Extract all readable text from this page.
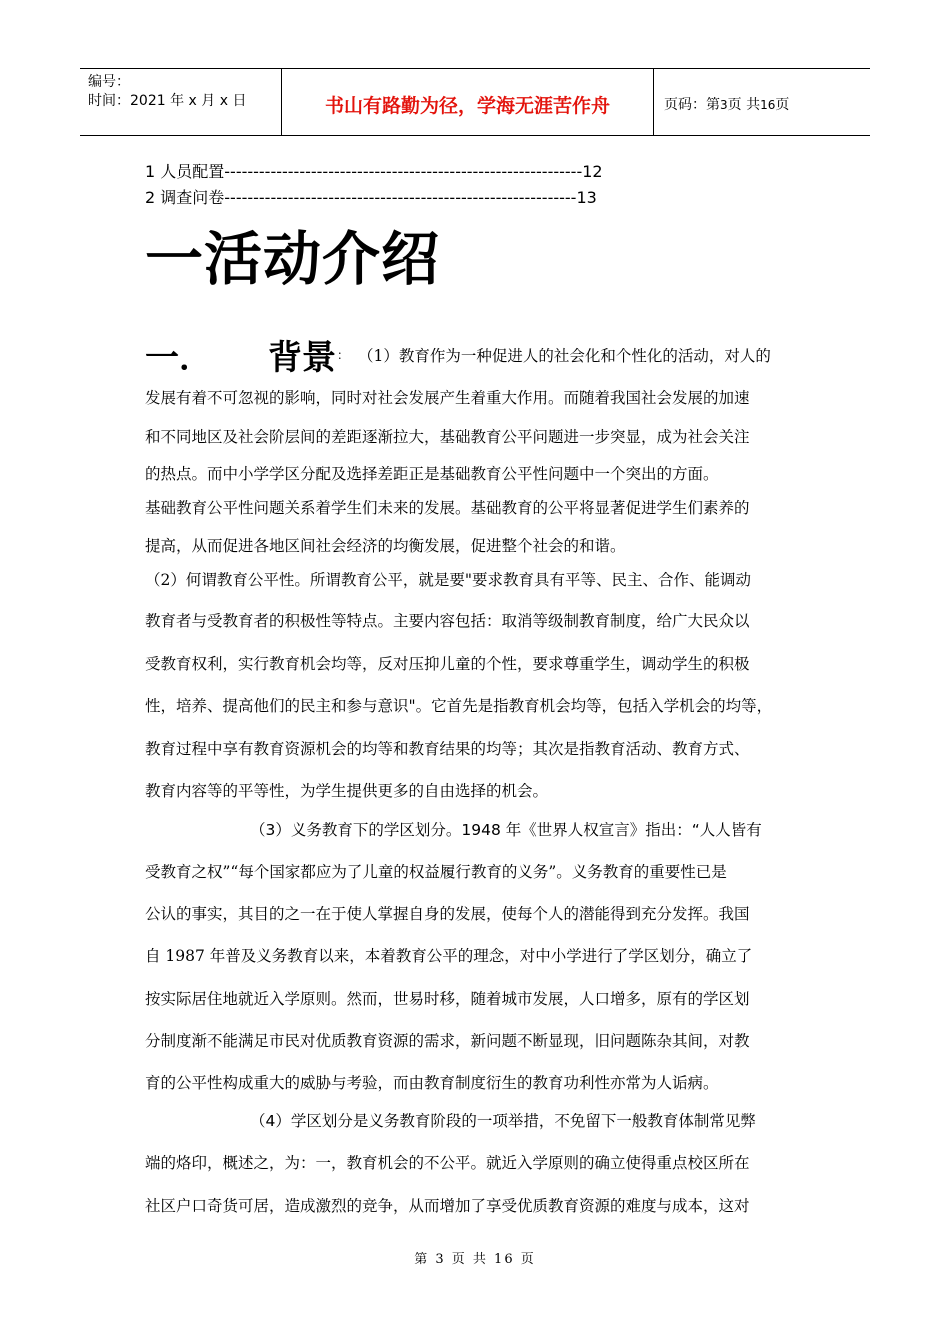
编号：
时间：2021 年 x 月 x 日	书山有路勤为径，学海无涯苦作舟	页码：第3页 共16页
1 人员配置--------------------------------------------------------------12
2 调查问卷-------------------------------------------------------------13
一活动介绍
一． 背景 ： （1）教育作为一种促进人的社会化和个性化的活动，对人的
发展有着不可忽视的影响，同时对社会发展产生着重大作用。而随着我国社会发展的加速
和不同地区及社会阶层间的差距逐渐拉大，基础教育公平问题进一步突显，成为社会关注
的热点。而中小学学区分配及选择差距正是基础教育公平性问题中一个突出的方面。
基础教育公平性问题关系着学生们未来的发展。基础教育的公平将显著促进学生们素养的
提高，从而促进各地区间社会经济的均衡发展，促进整个社会的和谐。
（2）何谓教育公平性。所谓教育公平，就是要"要求教育具有平等、民主、合作、能调动
教育者与受教育者的积极性等特点。主要内容包括：取消等级制教育制度，给广大民众以
受教育权利，实行教育机会均等，反对压抑儿童的个性，要求尊重学生，调动学生的积极
性，培养、提高他们的民主和参与意识"。它首先是指教育机会均等，包括入学机会的均等，
教育过程中享有教育资源机会的均等和教育结果的均等；其次是指教育活动、教育方式、
教育内容等的平等性，为学生提供更多的自由选择的机会。
（3）义务教育下的学区划分。1948 年《世界人权宣言》指出：“人人皆有
受教育之权”“每个国家都应为了儿童的权益履行教育的义务”。义务教育的重要性已是
公认的事实，其目的之一在于使人掌握自身的发展，使每个人的潜能得到充分发挥。我国
自 1987 年普及义务教育以来，本着教育公平的理念，对中小学进行了学区划分，确立了
按实际居住地就近入学原则。然而，世易时移，随着城市发展，人口增多，原有的学区划
分制度渐不能满足市民对优质教育资源的需求，新问题不断显现，旧问题陈杂其间，对教
育的公平性构成重大的威胁与考验，而由教育制度衍生的教育功利性亦常为人诟病。
（4）学区划分是义务教育阶段的一项举措，不免留下一般教育体制常见弊
端的烙印，概述之，为：一，教育机会的不公平。就近入学原则的确立使得重点校区所在
社区户口奇货可居，造成激烈的竞争，从而增加了享受优质教育资源的难度与成本，这对
第 3 页 共 16 页
